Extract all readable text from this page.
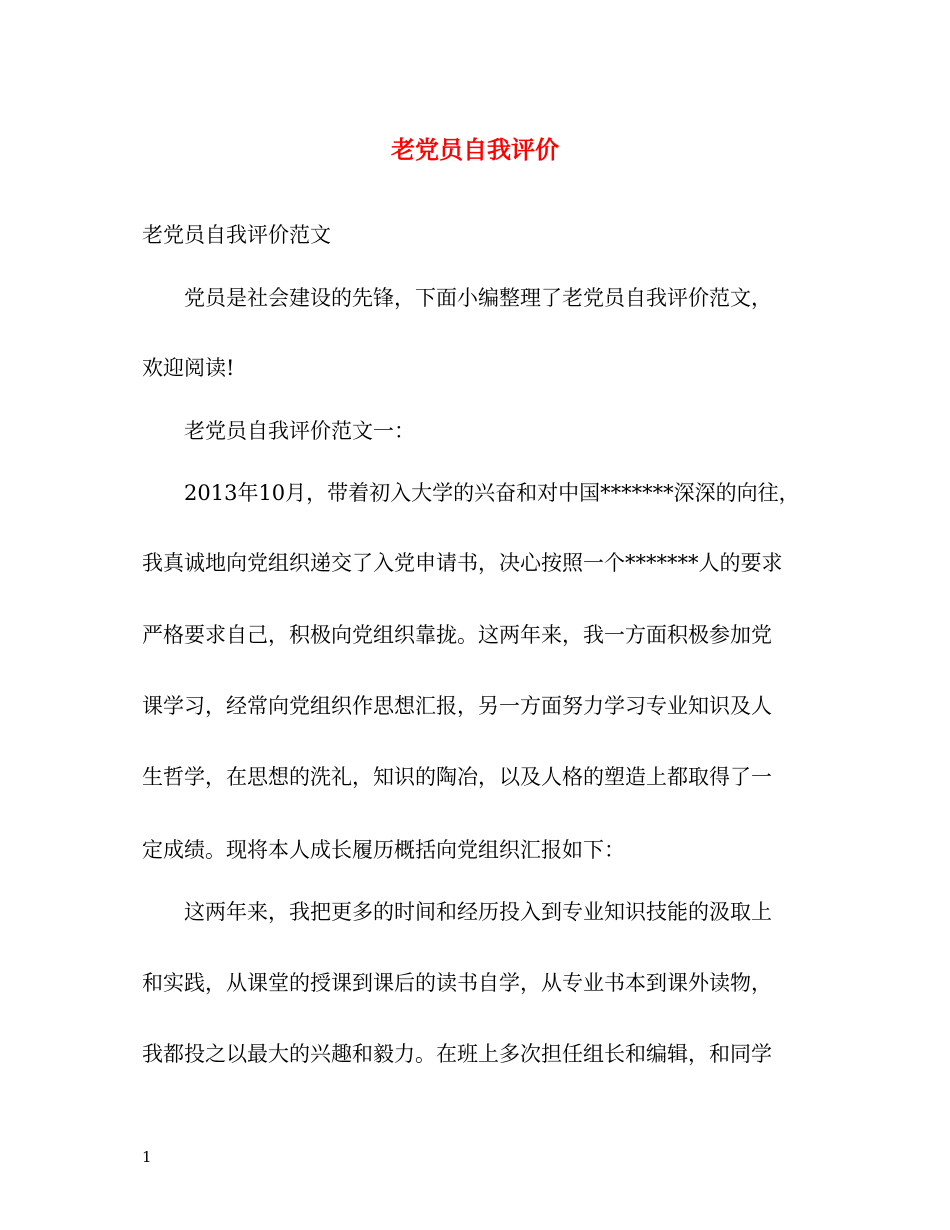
老党员自我评价

老党员自我评价范文

党员是社会建设的先锋，下面小编整理了老党员自我评价范文，

欢迎阅读!

老党员自我评价范文一：

2013年10月，带着初入大学的兴奋和对中国*******深深的向往，

我真诚地向党组织递交了入党申请书，决心按照一个*******人的要求

严格要求自己，积极向党组织靠拢。这两年来，我一方面积极参加党

课学习，经常向党组织作思想汇报，另一方面努力学习专业知识及人

生哲学，在思想的洗礼，知识的陶冶，以及人格的塑造上都取得了一

定成绩。现将本人成长履历概括向党组织汇报如下：

这两年来，我把更多的时间和经历投入到专业知识技能的汲取上

和实践，从课堂的授课到课后的读书自学，从专业书本到课外读物，

我都投之以最大的兴趣和毅力。在班上多次担任组长和编辑，和同学

1
